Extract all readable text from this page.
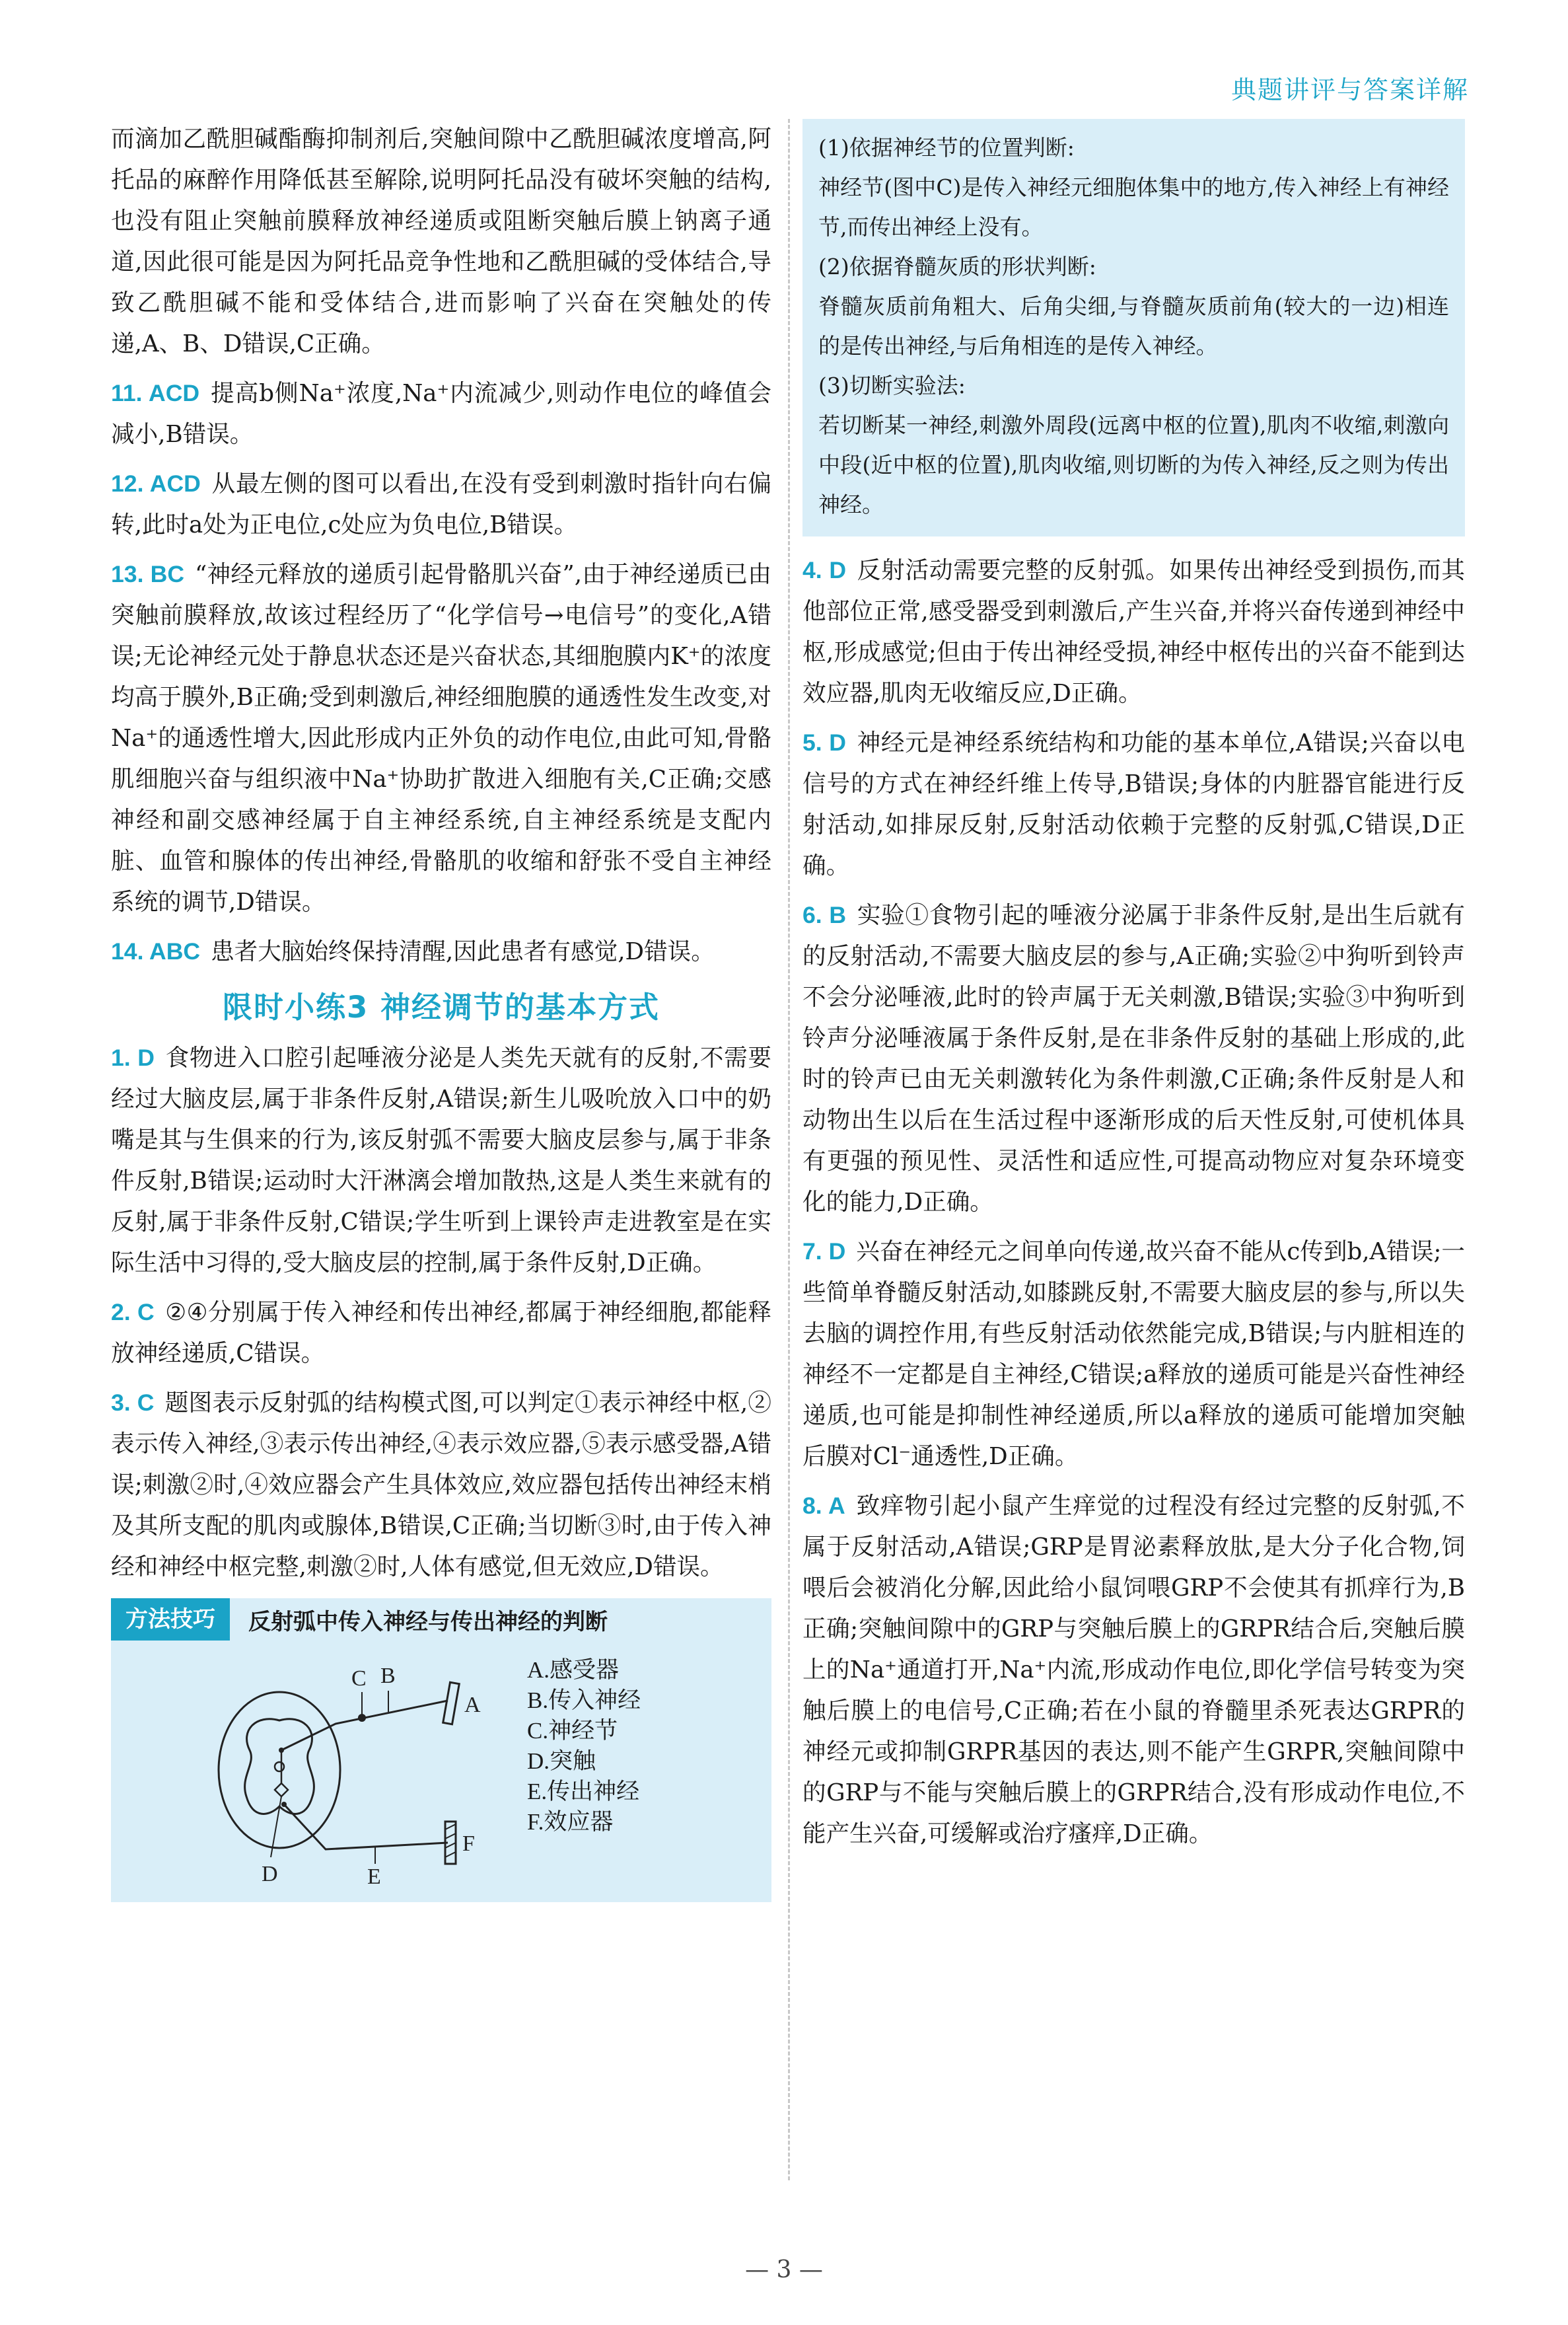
典题讲评与答案详解

而滴加乙酰胆碱酯酶抑制剂后,突触间隙中乙酰胆碱浓度增高,阿托品的麻醉作用降低甚至解除,说明阿托品没有破坏突触的结构,也没有阻止突触前膜释放神经递质或阻断突触后膜上钠离子通道,因此很可能是因为阿托品竞争性地和乙酰胆碱的受体结合,导致乙酰胆碱不能和受体结合,进而影响了兴奋在突触处的传递,A、B、D错误,C正确。

11. ACD 提高b侧Na⁺浓度,Na⁺内流减少,则动作电位的峰值会减小,B错误。

12. ACD 从最左侧的图可以看出,在没有受到刺激时指针向右偏转,此时a处为正电位,c处应为负电位,B错误。

13. BC “神经元释放的递质引起骨骼肌兴奋”,由于神经递质已由突触前膜释放,故该过程经历了“化学信号→电信号”的变化,A错误;无论神经元处于静息状态还是兴奋状态,其细胞膜内K⁺的浓度均高于膜外,B正确;受到刺激后,神经细胞膜的通透性发生改变,对Na⁺的通透性增大,因此形成内正外负的动作电位,由此可知,骨骼肌细胞兴奋与组织液中Na⁺协助扩散进入细胞有关,C正确;交感神经和副交感神经属于自主神经系统,自主神经系统是支配内脏、血管和腺体的传出神经,骨骼肌的收缩和舒张不受自主神经系统的调节,D错误。

14. ABC 患者大脑始终保持清醒,因此患者有感觉,D错误。

限时小练3 神经调节的基本方式

1. D 食物进入口腔引起唾液分泌是人类先天就有的反射,不需要经过大脑皮层,属于非条件反射,A错误;新生儿吸吮放入口中的奶嘴是其与生俱来的行为,该反射弧不需要大脑皮层参与,属于非条件反射,B错误;运动时大汗淋漓会增加散热,这是人类生来就有的反射,属于非条件反射,C错误;学生听到上课铃声走进教室是在实际生活中习得的,受大脑皮层的控制,属于条件反射,D正确。

2. C ②④分别属于传入神经和传出神经,都属于神经细胞,都能释放神经递质,C错误。

3. C 题图表示反射弧的结构模式图,可以判定①表示神经中枢,②表示传入神经,③表示传出神经,④表示效应器,⑤表示感受器,A错误;刺激②时,④效应器会产生具体效应,效应器包括传出神经末梢及其所支配的肌肉或腺体,B错误,C正确;当切断③时,由于传入神经和神经中枢完整,刺激②时,人体有感觉,但无效应,D错误。

方法技巧	反射弧中传入神经与传出神经的判断
C B
A
D	E
F
A.感受器
B.传入神经
C.神经节
D.突触
E.传出神经
F.效应器

(1)依据神经节的位置判断:

神经节(图中C)是传入神经元细胞体集中的地方,传入神经上有神经节,而传出神经上没有。

(2)依据脊髓灰质的形状判断:

脊髓灰质前角粗大、后角尖细,与脊髓灰质前角(较大的一边)相连的是传出神经,与后角相连的是传入神经。

(3)切断实验法:

若切断某一神经,刺激外周段(远离中枢的位置),肌肉不收缩,刺激向中段(近中枢的位置),肌肉收缩,则切断的为传入神经,反之则为传出神经。

4. D 反射活动需要完整的反射弧。如果传出神经受到损伤,而其他部位正常,感受器受到刺激后,产生兴奋,并将兴奋传递到神经中枢,形成感觉;但由于传出神经受损,神经中枢传出的兴奋不能到达效应器,肌肉无收缩反应,D正确。

5. D 神经元是神经系统结构和功能的基本单位,A错误;兴奋以电信号的方式在神经纤维上传导,B错误;身体的内脏器官能进行反射活动,如排尿反射,反射活动依赖于完整的反射弧,C错误,D正确。

6. B 实验①食物引起的唾液分泌属于非条件反射,是出生后就有的反射活动,不需要大脑皮层的参与,A正确;实验②中狗听到铃声不会分泌唾液,此时的铃声属于无关刺激,B错误;实验③中狗听到铃声分泌唾液属于条件反射,是在非条件反射的基础上形成的,此时的铃声已由无关刺激转化为条件刺激,C正确;条件反射是人和动物出生以后在生活过程中逐渐形成的后天性反射,可使机体具有更强的预见性、灵活性和适应性,可提高动物应对复杂环境变化的能力,D正确。

7. D 兴奋在神经元之间单向传递,故兴奋不能从c传到b,A错误;一些简单脊髓反射活动,如膝跳反射,不需要大脑皮层的参与,所以失去脑的调控作用,有些反射活动依然能完成,B错误;与内脏相连的神经不一定都是自主神经,C错误;a释放的递质可能是兴奋性神经递质,也可能是抑制性神经递质,所以a释放的递质可能增加突触后膜对Cl⁻通透性,D正确。

8. A 致痒物引起小鼠产生痒觉的过程没有经过完整的反射弧,不属于反射活动,A错误;GRP是胃泌素释放肽,是大分子化合物,饲喂后会被消化分解,因此给小鼠饲喂GRP不会使其有抓痒行为,B正确;突触间隙中的GRP与突触后膜上的GRPR结合后,突触后膜上的Na⁺通道打开,Na⁺内流,形成动作电位,即化学信号转变为突触后膜上的电信号,C正确;若在小鼠的脊髓里杀死表达GRPR的神经元或抑制GRPR基因的表达,则不能产生GRPR,突触间隙中的GRP与不能与突触后膜上的GRPR结合,没有形成动作电位,不能产生兴奋,可缓解或治疗瘙痒,D正确。

— 3 —
